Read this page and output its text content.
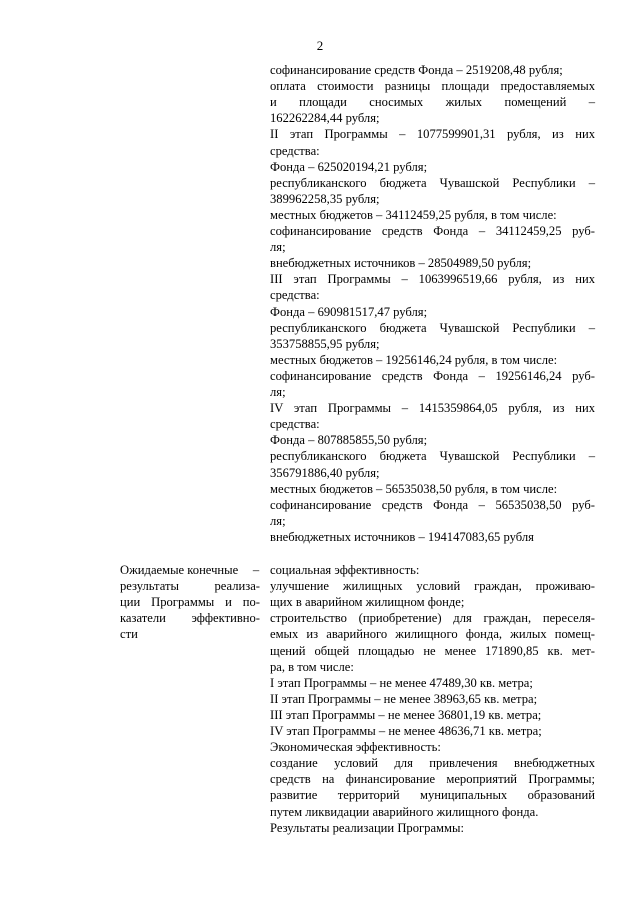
2
софинансирование средств Фонда – 2519208,48 рубля;
оплата стоимости разницы площади предоставляемых
и площади сносимых жилых помещений –
162262284,44 рубля;
II этап Программы – 1077599901,31 рубля, из них
средства:
Фонда – 625020194,21 рубля;
республиканского бюджета Чувашской Республики –
389962258,35 рубля;
местных бюджетов – 34112459,25 рубля, в том числе:
софинансирование средств Фонда – 34112459,25 руб-
ля;
внебюджетных источников – 28504989,50 рубля;
III этап Программы – 1063996519,66 рубля, из них
средства:
Фонда – 690981517,47 рубля;
республиканского бюджета Чувашской Республики –
353758855,95 рубля;
местных бюджетов – 19256146,24 рубля, в том числе:
софинансирование средств Фонда – 19256146,24 руб-
ля;
IV этап Программы – 1415359864,05 рубля, из них
средства:
Фонда – 807885855,50 рубля;
республиканского бюджета Чувашской Республики –
356791886,40 рубля;
местных бюджетов – 56535038,50 рубля, в том числе:
софинансирование средств Фонда – 56535038,50 руб-
ля;
внебюджетных источников – 194147083,65 рубля
Ожидаемые конечные
результаты реализа-
ции Программы и по-
казатели эффективно-
сти
– социальная эффективность:
улучшение жилищных условий граждан, проживаю-
щих в аварийном жилищном фонде;
строительство (приобретение) для граждан, переселя-
емых из аварийного жилищного фонда, жилых помещ-
щений общей площадью не менее 171890,85 кв. мет-
ра, в том числе:
I этап Программы – не менее 47489,30 кв. метра;
II этап Программы – не менее 38963,65 кв. метра;
III этап Программы – не менее 36801,19 кв. метра;
IV этап Программы – не менее 48636,71 кв. метра;
Экономическая эффективность:
создание условий для привлечения внебюджетных
средств на финансирование мероприятий Программы;
развитие территорий муниципальных образований
путем ликвидации аварийного жилищного фонда.
Результаты реализации Программы:
